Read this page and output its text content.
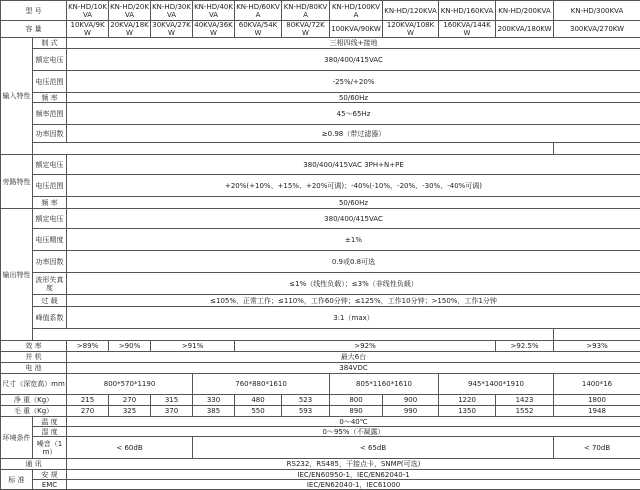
型 号		KN-HD/10KVA	KN-HD/20KVA	KN-HD/30KVA	KN-HD/40KVA	KN-HD/60KVA	KN-HD/80KVA	KN-HD/100KVA	KN-HD/120KVA	KN-HD/160KVA	KN-HD/200KVA	KN-HD/300KVA
容 量		10KVA/9KW	20KVA/18KW	30KVA/27KW	40KVA/36KW	60KVA/54KW	80KVA/72KW	100KVA/90KW	120KVA/108KW	160KVA/144KW	200KVA/180KW	300KVA/270KW
输入特性	制 式	三相四线+接地										
	额定电压	380/400/415VAC										
	电压范围	-25%/+20%										
	频 率	50/60Hz										
	频率范围	45～65Hz										
	功率因数	≥0.98（带过滤器）										

旁路特性	额定电压	380/400/415VAC 3PH+N+PE										
	电压范围	+20%(+10%、+15%、+20%可调)；-40%(-10%、-20%、-30%、-40%可调)										
	频 率	50/60Hz										
输出特性	额定电压	380/400/415VAC										
	电压精度	±1%										
	功率因数	0.9或0.8可选										
	波形失真度	≤1%（线性负载）；≤3%（非线性负载）										
	过 载	≤105%，正常工作；≤110%，工作60分钟；≤125%，工作10分钟；>150%，工作1分钟										
	峰值系数	3:1（max）										

效 率		>89%	>90%	>91%		>92%					>92.5%	>93%
并 机		最大6台										
电 池		384VDC										
尺寸（深宽高）mm		800*570*1190			760*880*1610			805*1160*1610		945*1400*1910		1400*16
净 重（Kg）		215	270	315	330	480	523	800	900	1220	1423	1800
毛 重（Kg）		270	325	370	385	550	593	890	990	1350	1552	1948
环境条件	温 度	0～40℃										
	湿 度	0～95%（不凝露）										
	噪音（1m）	< 60dB			< 65dB							< 70dB
通 讯		RS232，RS485，干接点卡，SNMP(可选)										
标 准	安 规	IEC/EN60950-1，IEC/EN62040-1										
	EMC	IEC/EN62040-1，IEC61000										
